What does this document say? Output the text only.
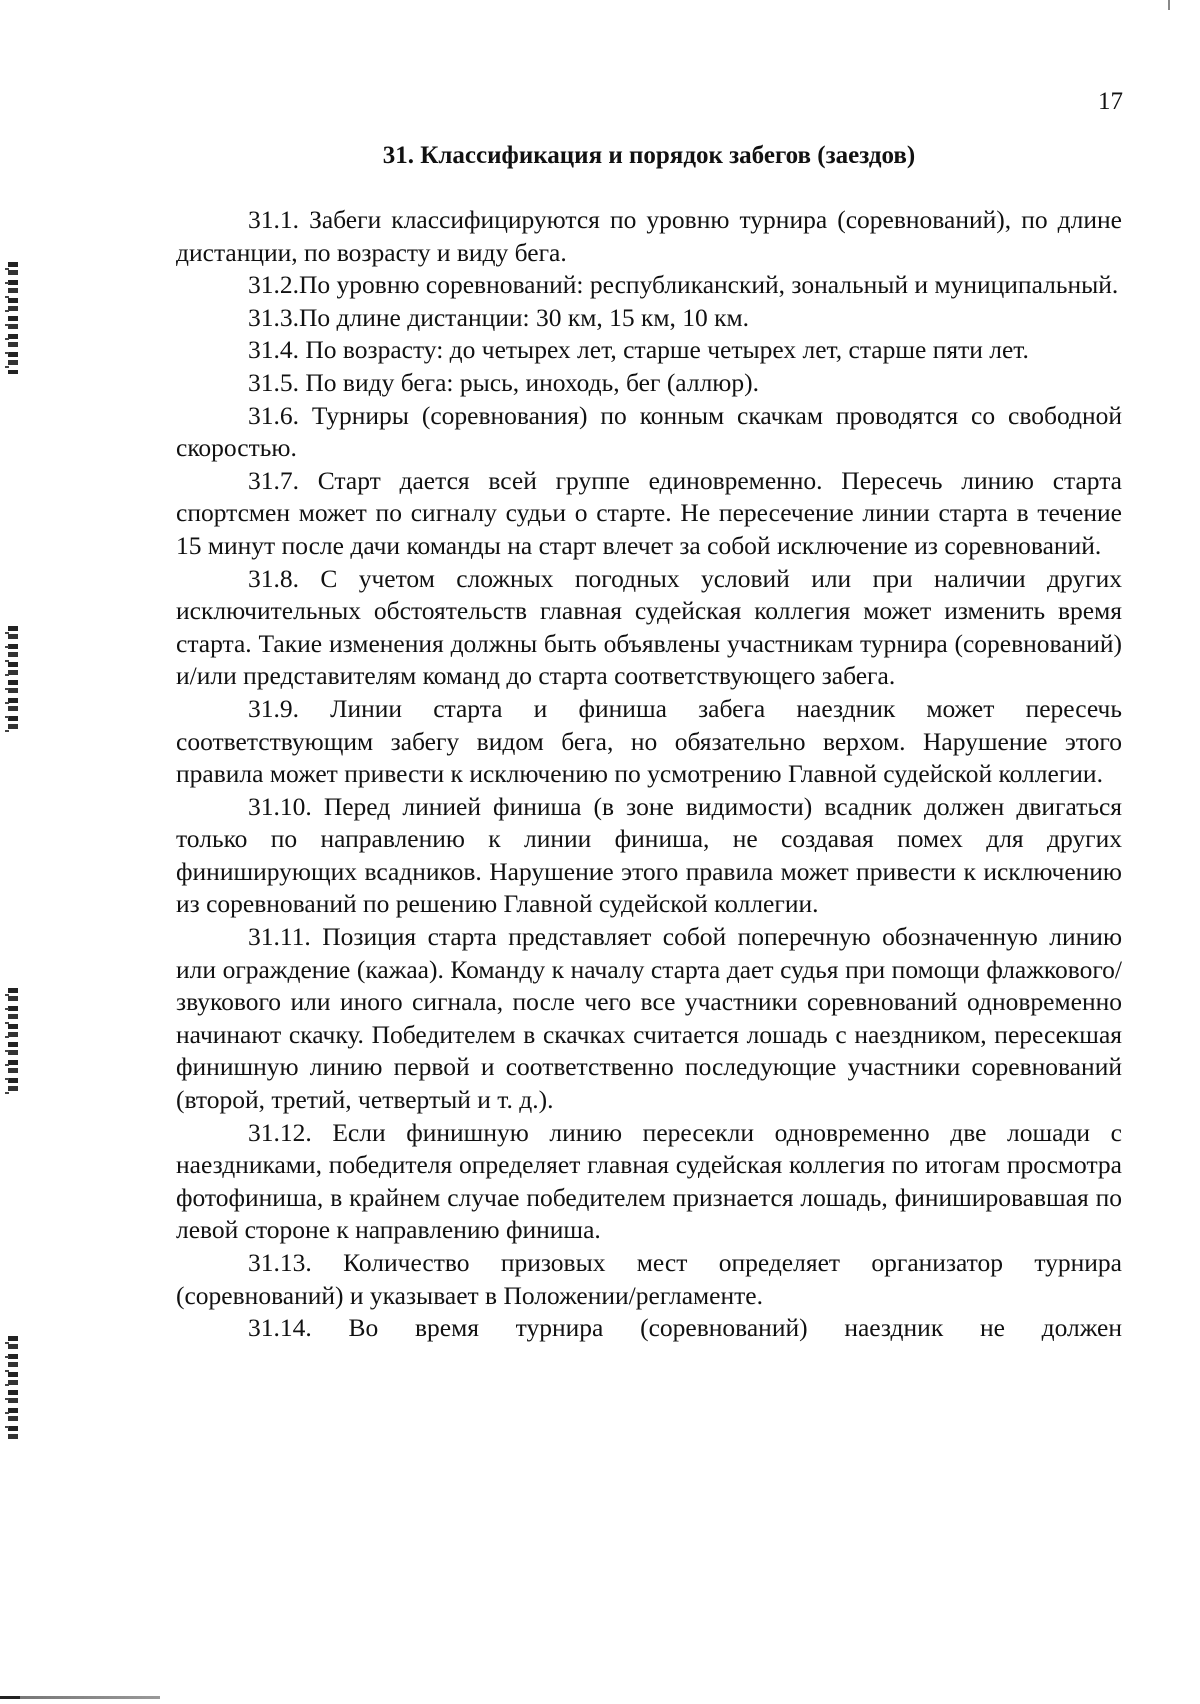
17
31. Классификация и порядок забегов (заездов)

31.1. Забеги классифицируются по уровню турнира (соревнований), по длине дистанции, по возрасту и виду бега.

31.2.По уровню соревнований: республиканский, зональный и муниципальный.

31.3.По длине дистанции: 30 км, 15 км, 10 км.

31.4. По возрасту: до четырех лет, старше четырех лет, старше пяти лет.

31.5. По виду бега: рысь, иноходь, бег (аллюр).

31.6. Турниры (соревнования) по конным скачкам проводятся со свободной скоростью.

31.7. Старт дается всей группе единовременно. Пересечь линию старта спортсмен может по сигналу судьи о старте. Не пересечение линии старта в течение 15 минут после дачи команды на старт влечет за собой исключение из соревнований.

31.8. С учетом сложных погодных условий или при наличии других исключительных обстоятельств главная судейская коллегия может изменить время старта. Такие изменения должны быть объявлены участникам турнира (соревнований) и/или представителям команд до старта соответствующего забега.

31.9. Линии старта и финиша забега наездник может пересечь соответствующим забегу видом бега, но обязательно верхом. Нарушение этого правила может привести к исключению по усмотрению Главной судейской коллегии.

31.10. Перед линией финиша (в зоне видимости) всадник должен двигаться только по направлению к линии финиша, не создавая помех для других финиширующих всадников. Нарушение этого правила может привести к исключению из соревнований по решению Главной судейской коллегии.

31.11. Позиция старта представляет собой поперечную обозначенную линию или ограждение (кажаа). Команду к началу старта дает судья при помощи флажкового/звукового или иного сигнала, после чего все участники соревнований одновременно начинают скачку. Победителем в скачках считается лошадь с наездником, пересекшая финишную линию первой и соответственно последующие участники соревнований (второй, третий, четвертый и т. д.).

31.12. Если финишную линию пересекли одновременно две лошади с наездниками, победителя определяет главная судейская коллегия по итогам просмотра фотофиниша, в крайнем случае победителем признается лошадь, финишировавшая по левой стороне к направлению финиша.

31.13. Количество призовых мест определяет организатор турнира (соревнований) и указывает в Положении/регламенте.

31.14. Во время турнира (соревнований) наездник не должен
